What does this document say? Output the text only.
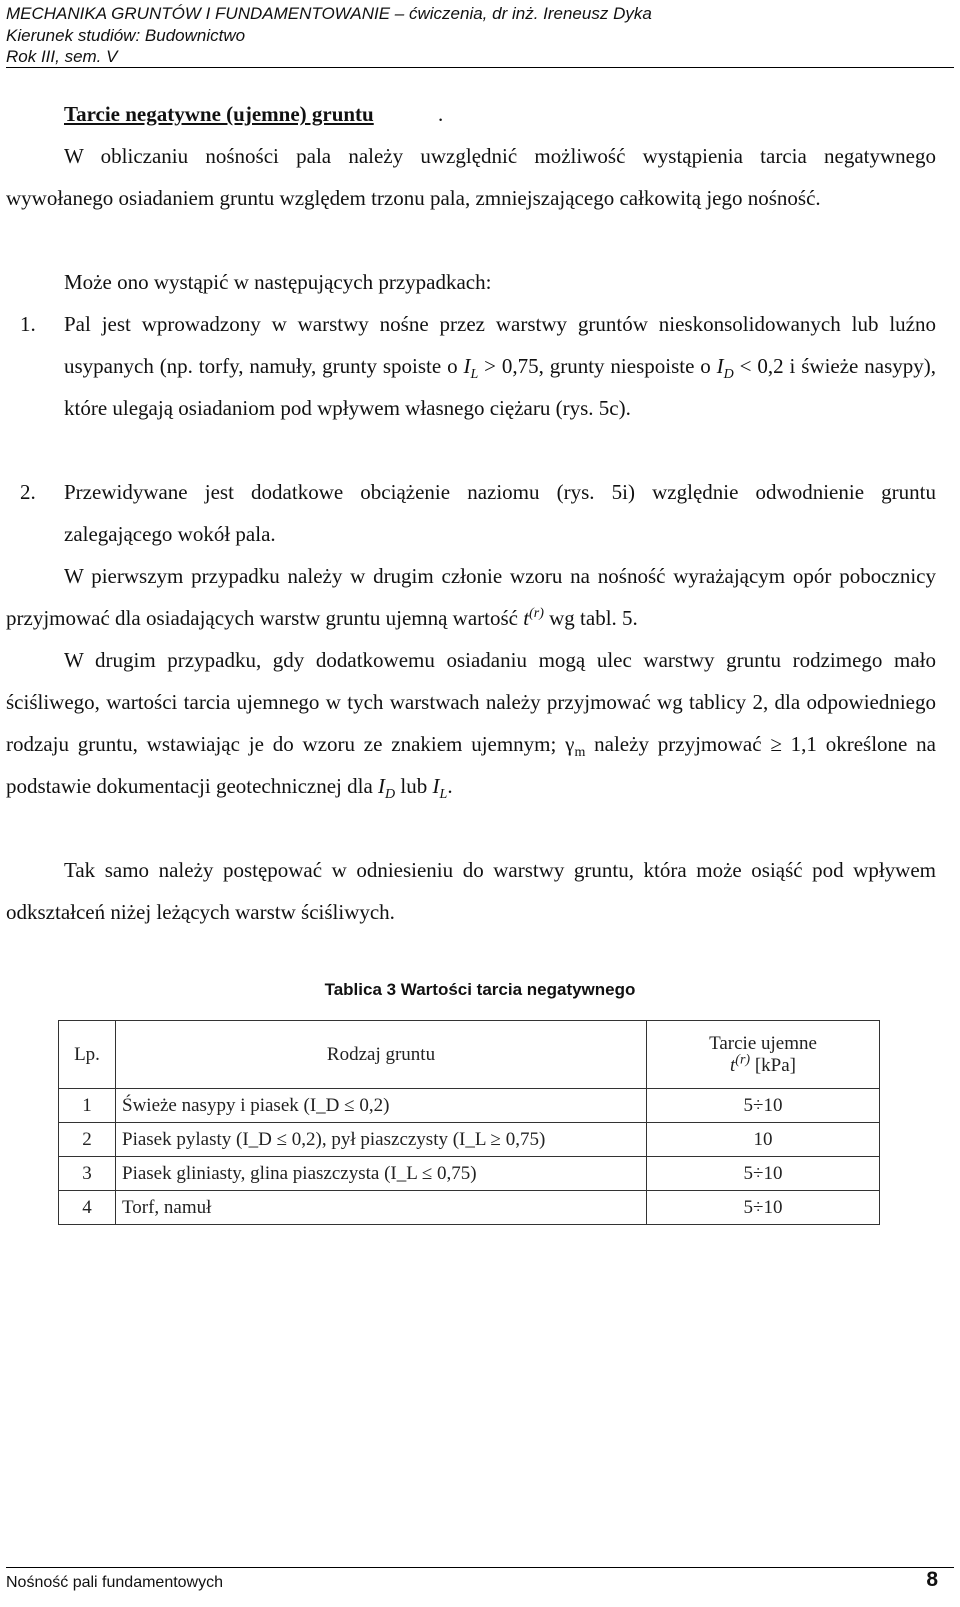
MECHANIKA GRUNTÓW I FUNDAMENTOWANIE – ćwiczenia, dr inż. Ireneusz Dyka
Kierunek studiów: Budownictwo
Rok III, sem. V
Tarcie negatywne (ujemne) gruntu	.

W obliczaniu nośności pala należy uwzględnić możliwość wystąpienia tarcia negatywnego wywołanego osiadaniem gruntu względem trzonu pala, zmniejszającego całkowitą jego nośność.

Może ono wystąpić w następujących przypadkach:

1. Pal jest wprowadzony w warstwy nośne przez warstwy gruntów nieskonsolidowanych lub luźno usypanych (np. torfy, namuły, grunty spoiste o $I_L > 0,75$, grunty niespoiste o $I_D < 0,2$ i świeże nasypy), które ulegają osiadaniom pod wpływem własnego ciężaru (rys. 5c).

2. Przewidywane jest dodatkowe obciążenie naziomu (rys. 5i) względnie odwodnienie gruntu zalegającego wokół pala.

W pierwszym przypadku należy w drugim członie wzoru na nośność wyrażającym opór pobocznicy przyjmować dla osiadających warstw gruntu ujemną wartość $t^{(r)}$ wg tabl. 5.

W drugim przypadku, gdy dodatkowemu osiadaniu mogą ulec warstwy gruntu rodzimego mało ściśliwego, wartości tarcia ujemnego w tych warstwach należy przyjmować wg tablicy 2, dla odpowiedniego rodzaju gruntu, wstawiając je do wzoru ze znakiem ujemnym; $\gamma_m$ należy przyjmować ≥ 1,1 określone na podstawie dokumentacji geotechnicznej dla $I_D$ lub $I_L$.

Tak samo należy postępować w odniesieniu do warstwy gruntu, która może osiąść pod wpływem odkształceń niżej leżących warstw ściśliwych.

Tablica 3 Wartości tarcia negatywnego
Lp.	Rodzaj gruntu	Tarcie ujemne
$t^{(r)}$ [kPa]

1	Świeże nasypy i piasek (I_D ≤ 0,2)	5÷10
2	Piasek pylasty (I_D ≤ 0,2), pył piaszczysty (I_L ≥ 0,75)	10
3	Piasek gliniasty, glina piaszczysta (I_L ≤ 0,75)	5÷10
4	Torf, namuł	5÷10
Nośność pali fundamentowych	8
